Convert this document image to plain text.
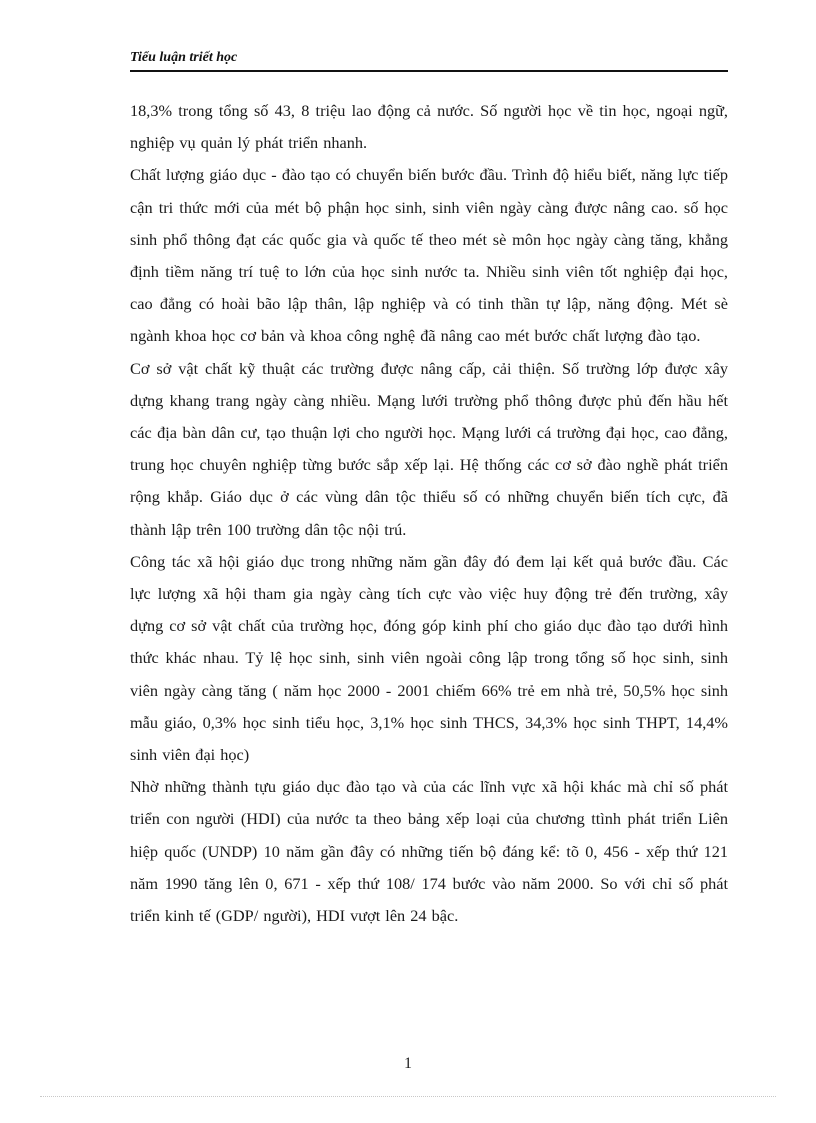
Tiểu luận triết học

18,3% trong tổng số 43, 8 triệu lao động cả nước. Số người học về tin học, ngoại ngữ, nghiệp vụ quản lý phát triển nhanh.

Chất lượng giáo dục - đào tạo có chuyển biến bước đầu. Trình độ hiểu biết, năng lực tiếp cận tri thức mới của mét bộ phận học sinh, sinh viên ngày càng được nâng cao. số học sinh phổ thông đạt các quốc gia và quốc tế theo mét sè môn học ngày càng tăng, khẳng định tiềm năng trí tuệ to lớn của học sinh nước ta. Nhiều sinh viên tốt nghiệp đại học, cao đẳng có hoài bão lập thân, lập nghiệp và có tinh thần tự lập, năng động. Mét sè ngành khoa học cơ bản và khoa công nghệ đã nâng cao mét bước chất lượng đào tạo.

Cơ sở vật chất kỹ thuật các trường được nâng cấp, cải thiện. Số trường lớp được xây dựng khang trang ngày càng nhiều. Mạng lưới trường phổ thông được phủ đến hầu hết các địa bàn dân cư, tạo thuận lợi cho người học. Mạng lưới cá trường đại học, cao đẳng, trung học chuyên nghiệp từng bước sắp xếp lại. Hệ thống các cơ sở đào nghề phát triển rộng khắp. Giáo dục ở các vùng dân tộc thiểu số có những chuyển biến tích cực, đã thành lập trên 100 trường dân tộc nội trú.

Công tác xã hội giáo dục trong những năm gần đây đó đem lại kết quả bước đầu. Các lực lượng xã hội tham gia ngày càng tích cực vào việc huy động trẻ đến trường, xây dựng cơ sở vật chất của trường học, đóng góp kinh phí cho giáo dục đào tạo dưới hình thức khác nhau. Tỷ lệ học sinh, sinh viên ngoài công lập trong tổng số học sinh, sinh viên ngày càng tăng ( năm học 2000 - 2001 chiếm 66% trẻ em nhà trẻ, 50,5% học sinh mẫu giáo, 0,3% học sinh tiểu học, 3,1% học sinh THCS, 34,3% học sinh THPT, 14,4% sinh viên đại học)

Nhờ những thành tựu giáo dục đào tạo và của các lĩnh vực xã hội khác mà chỉ số phát triển con người (HDI) của nước ta theo bảng xếp loại của chương ttình phát triển Liên hiệp quốc (UNDP) 10 năm gần đây có những tiến bộ đáng kể: tõ 0, 456 - xếp thứ 121 năm 1990 tăng lên 0, 671 - xếp thứ 108/ 174 bước vào năm 2000. So với chỉ số phát triển kinh tế (GDP/ người), HDI vượt lên 24 bậc.

1
